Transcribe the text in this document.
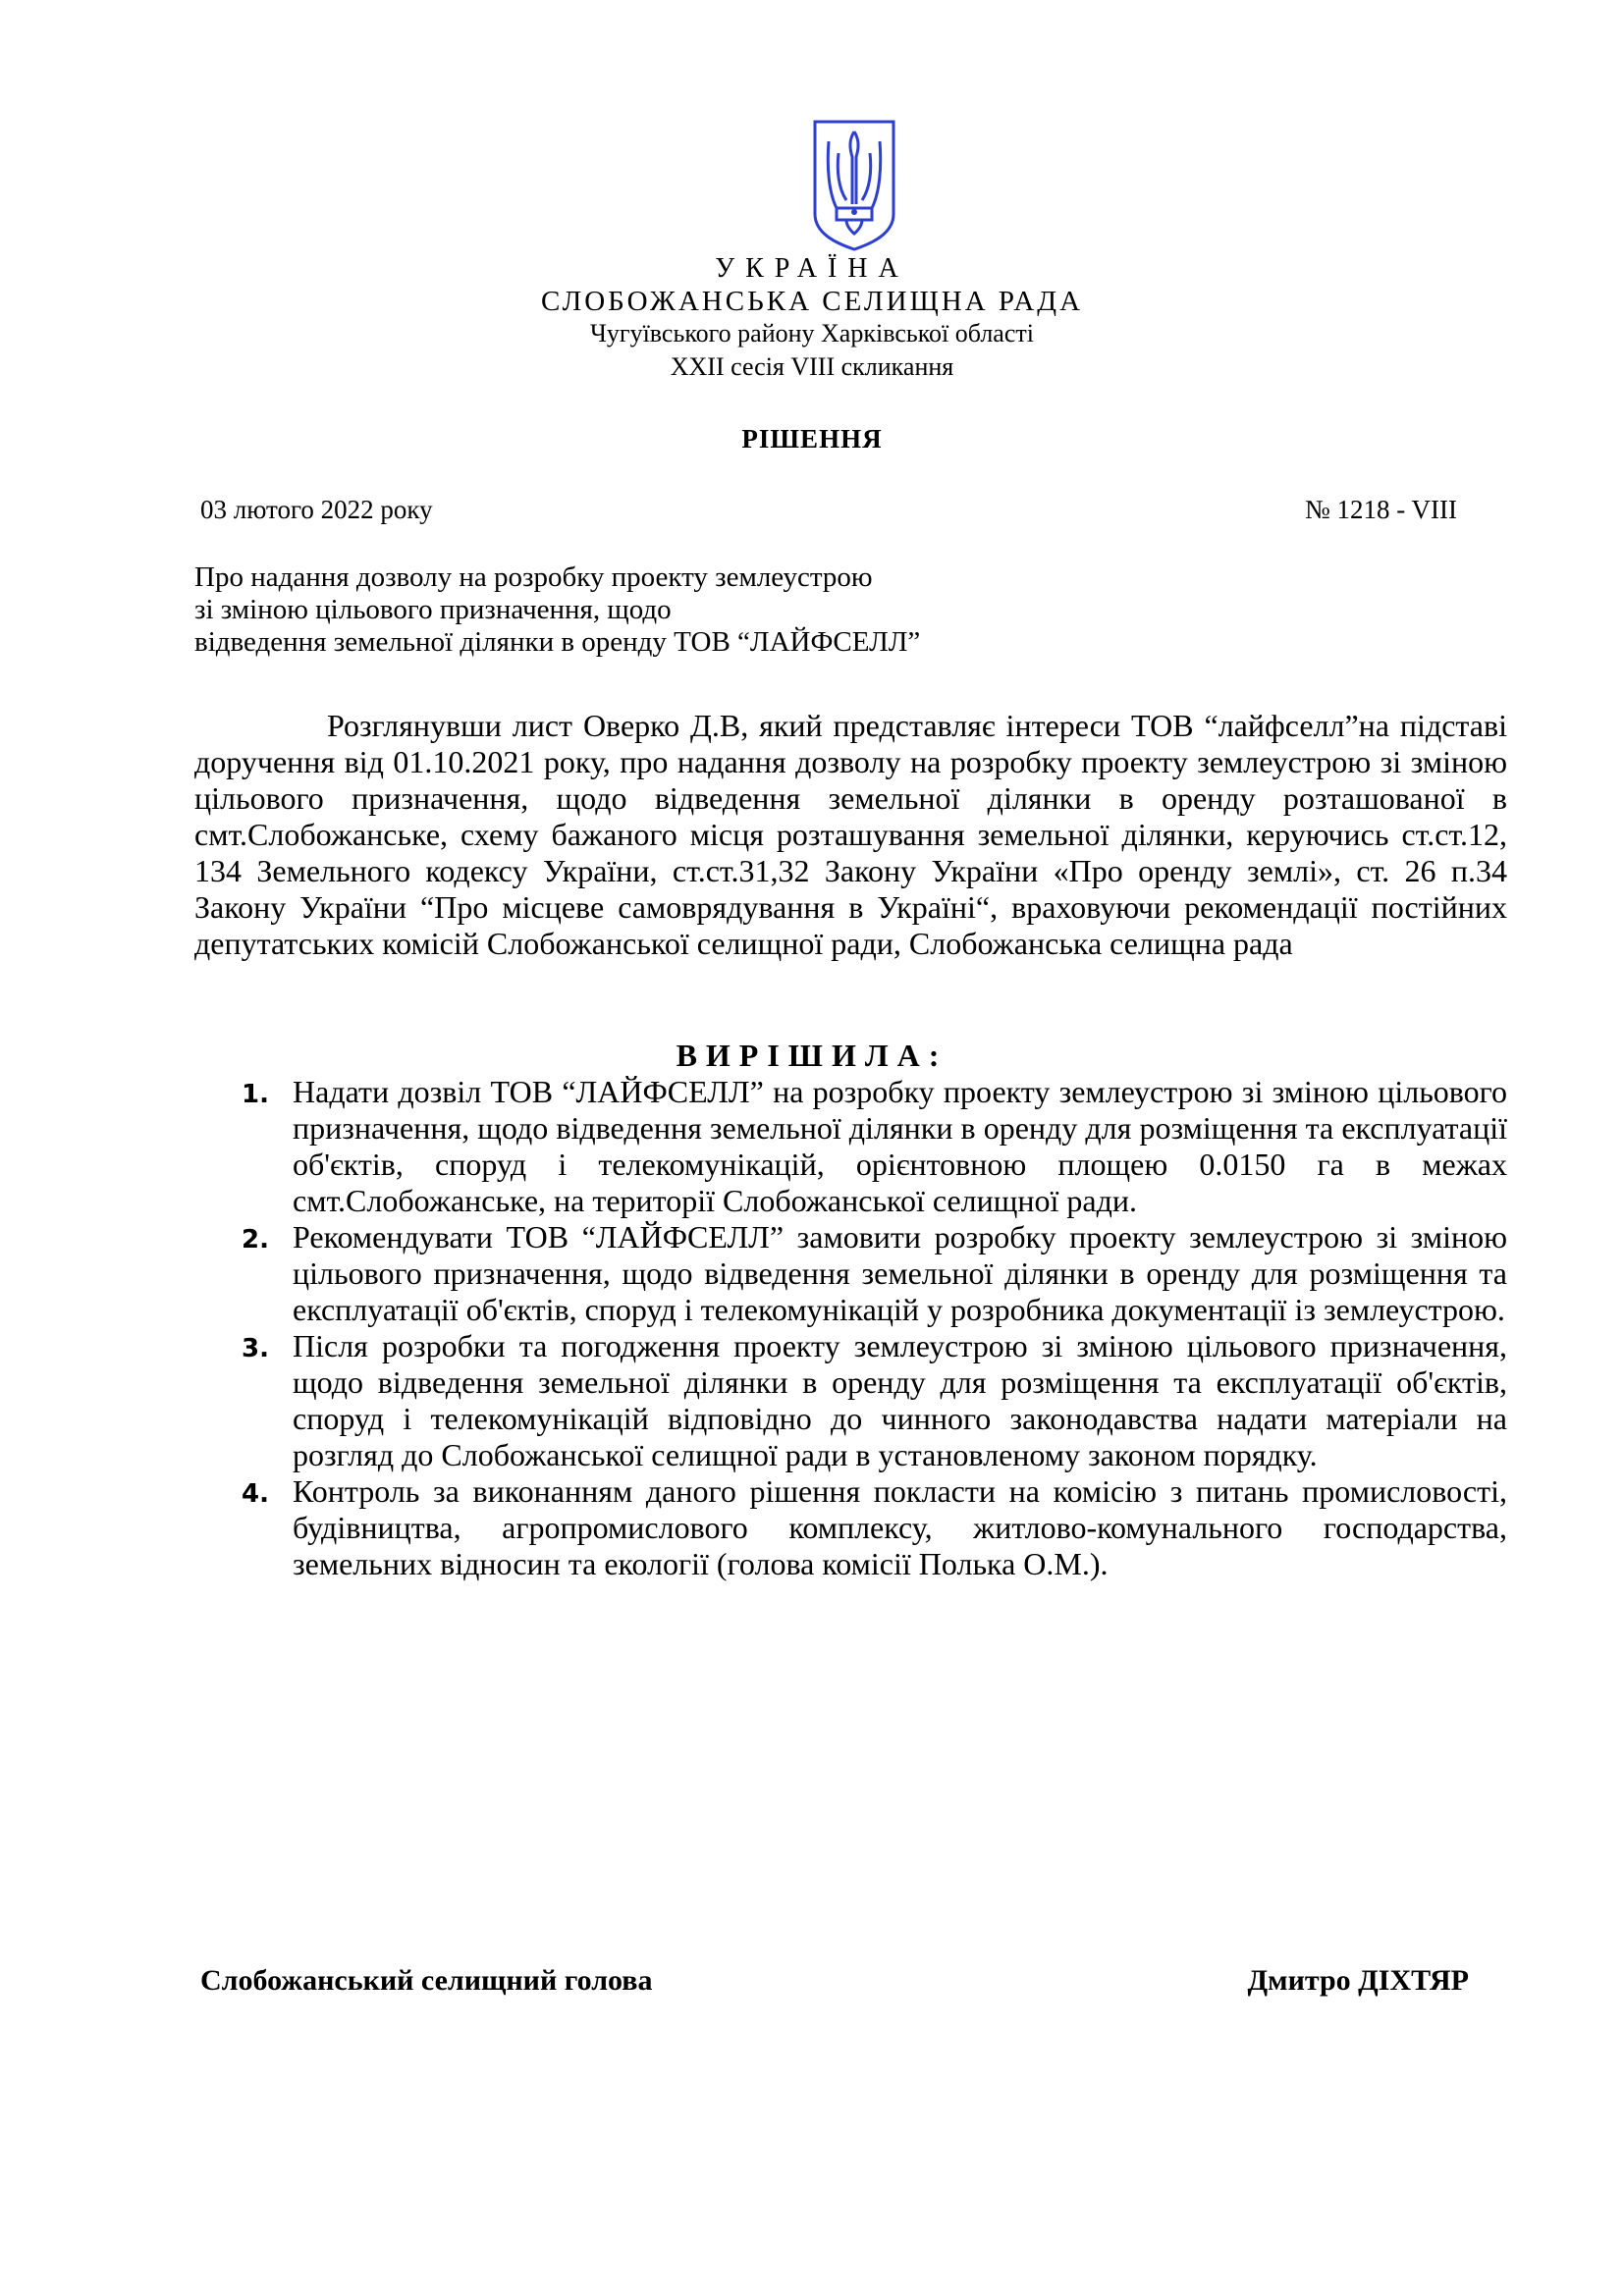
УКРАЇНА
СЛОБОЖАНСЬКА СЕЛИЩНА РАДА
Чугуївського району Харківської області
XXII сесія VIII скликання
РІШЕННЯ
03 лютого 2022 року	№ 1218 - VIII
Про надання дозволу на розробку проекту землеустрою
зі зміною цільового призначення, щодо
відведення земельної ділянки в оренду ТОВ “ЛАЙФСЕЛЛ”
Розглянувши лист Оверко Д.В, який представляє інтереси ТОВ “лайфселл”на підставі доручення від 01.10.2021 року, про надання дозволу на розробку проекту землеустрою зі зміною цільового призначення, щодо відведення земельної ділянки в оренду розташованої в смт.Слобожанське, схему бажаного місця розташування земельної ділянки, керуючись ст.ст.12, 134 Земельного кодексу України, ст.ст.31,32 Закону України «Про оренду землі», ст. 26 п.34 Закону України “Про місцеве самоврядування в Україні“, враховуючи рекомендації постійних депутатських комісій Слобожанської селищної ради, Слобожанська селищна рада
ВИРІШИЛА:
1. Надати дозвіл ТОВ “ЛАЙФСЕЛЛ” на розробку проекту землеустрою зі зміною цільового призначення, щодо відведення земельної ділянки в оренду для розміщення та експлуатації об'єктів, споруд і телекомунікацій, орієнтовною площею 0.0150 га в межах смт.Слобожанське, на території Слобожанської селищної ради.
2. Рекомендувати ТОВ “ЛАЙФСЕЛЛ” замовити розробку проекту землеустрою зі зміною цільового призначення, щодо відведення земельної ділянки в оренду для розміщення та експлуатації об'єктів, споруд і телекомунікацій у розробника документації із землеустрою.
3. Після розробки та погодження проекту землеустрою зі зміною цільового призначення, щодо відведення земельної ділянки в оренду для розміщення та експлуатації об'єктів, споруд і телекомунікацій відповідно до чинного законодавства надати матеріали на розгляд до Слобожанської селищної ради в установленому законом порядку.
4. Контроль за виконанням даного рішення покласти на комісію з питань промисловості, будівництва, агропромислового комплексу, житлово-комунального господарства, земельних відносин та екології (голова комісії Полька О.М.).
Слобожанський селищний голова	Дмитро ДІХТЯР
